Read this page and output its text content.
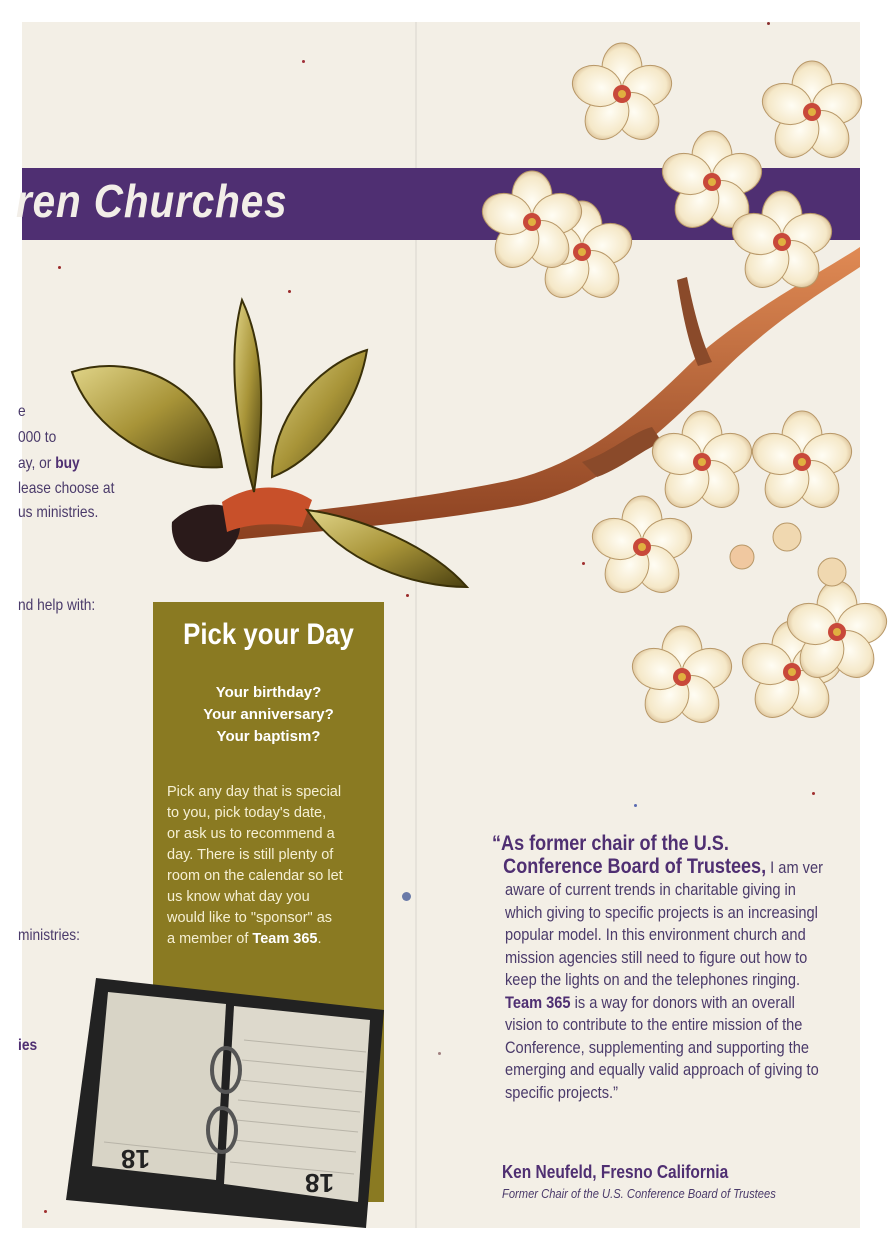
ren Churches
e
000 to
ay, or buy
lease choose at
us ministries.
nd help with:
ministries:
ies
Pick your Day
Your birthday?
Your anniversary?
Your baptism?
Pick any day that is special
to you, pick today's date,
or ask us to recommend a
day. There is still plenty of
room on the calendar so let
us know what day you
would like to "sponsor" as
a member of Team 365.
18
18
“As former chair of the U.S.
Conference Board of Trustees, I am ver
aware of current trends in charitable giving in
which giving to specific projects is an increasingl
popular model. In this environment church and
mission agencies still need to figure out how to
keep the lights on and the telephones ringing.
Team 365 is a way for donors with an overall
vision to contribute to the entire mission of the
Conference, supplementing and supporting the
emerging and equally valid approach of giving to
specific projects.”
Ken Neufeld, Fresno California
Former Chair of the U.S. Conference Board of Trustees
